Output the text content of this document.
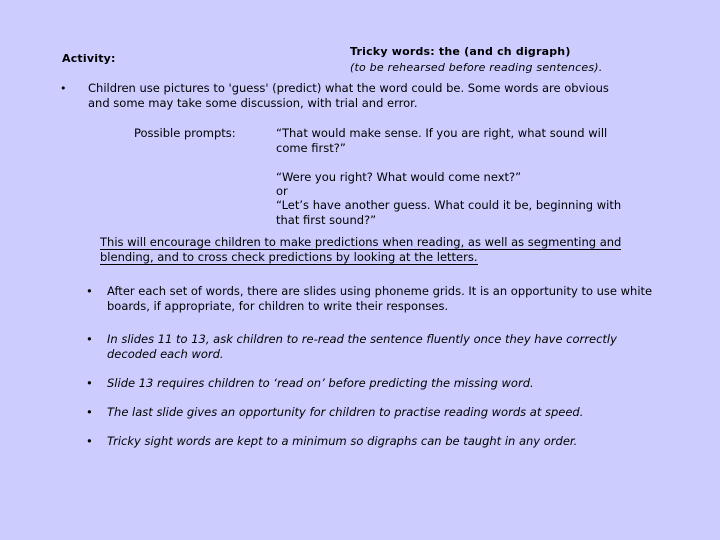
Tricky words: the (and ch digraph)
(to be rehearsed before reading sentences).
Activity:
• Children use pictures to 'guess' (predict) what the word could be. Some words are obvious and some may take some discussion, with trial and error.
Possible prompts:	“That would make sense. If you are right, what sound will come first?”
“Were you right? What would come next?”
or
“Let’s have another guess. What could it be, beginning with that first sound?”
This will encourage children to make predictions when reading, as well as segmenting and blending, and to cross check predictions by looking at the letters.
• After each set of words, there are slides using phoneme grids. It is an opportunity to use white boards, if appropriate, for children to write their responses.
• In slides 11 to 13, ask children to re-read the sentence fluently once they have correctly decoded each word.
• Slide 13 requires children to ‘read on’ before predicting the missing word.
• The last slide gives an opportunity for children to practise reading words at speed.
• Tricky sight words are kept to a minimum so digraphs can be taught in any order.
